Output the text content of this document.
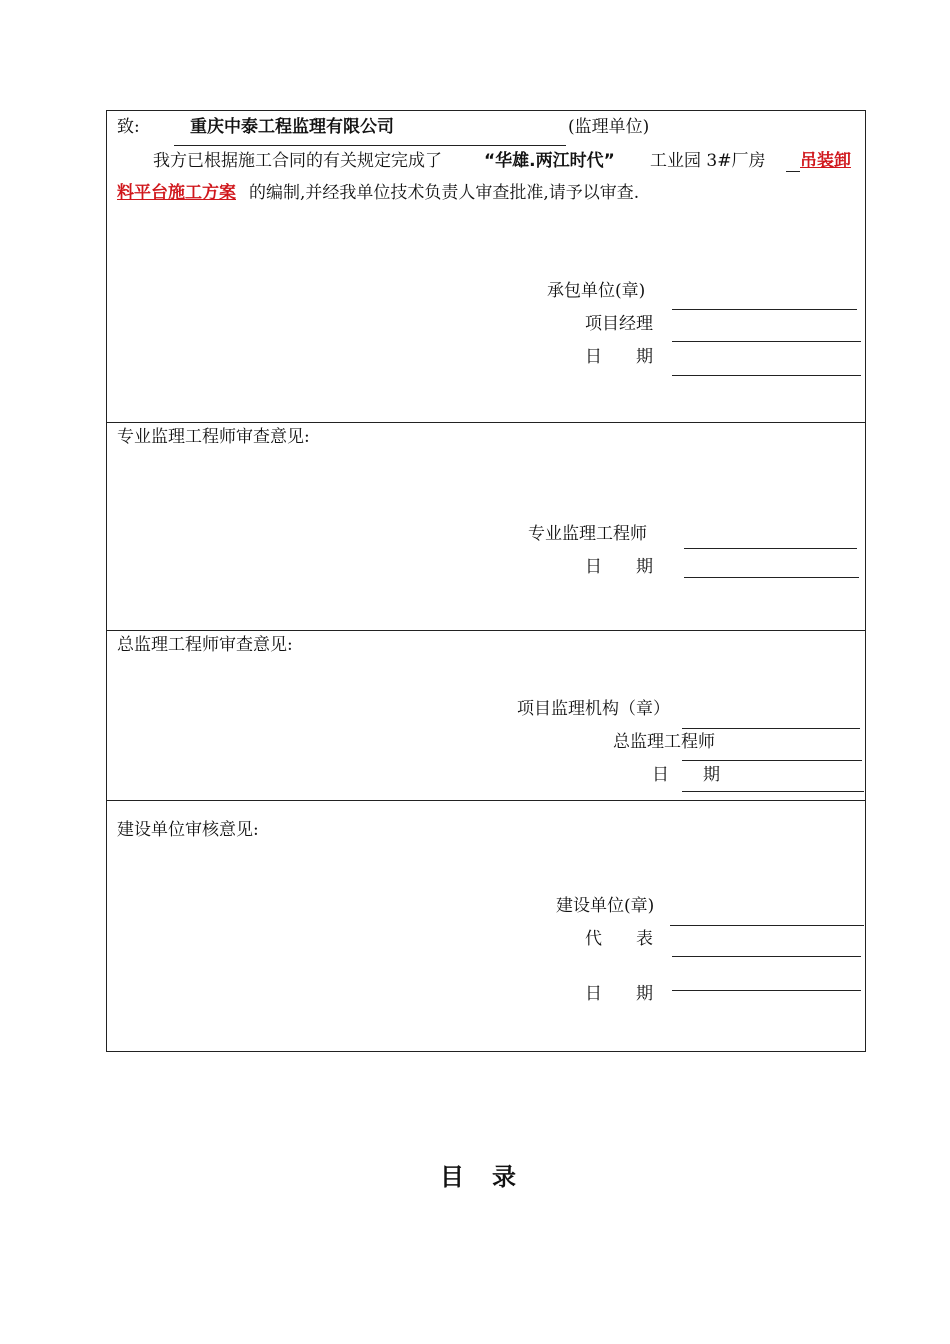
致:	重庆中泰工程监理有限公司	(监理单位)
我方已根据施工合同的有关规定完成了 “华雄.两江时代” 工业园 3#厂房 吊装卸
料平台施工方案 的编制,并经我单位技术负责人审查批准,请予以审查.
承包单位(章)
项目经理
日　　期
专业监理工程师审查意见:
专业监理工程师
日　　期
总监理工程师审查意见:
项目监理机构（章）
总监理工程师
日　　期
建设单位审核意见:
建设单位(章)
代　　表
日　　期
目　录
